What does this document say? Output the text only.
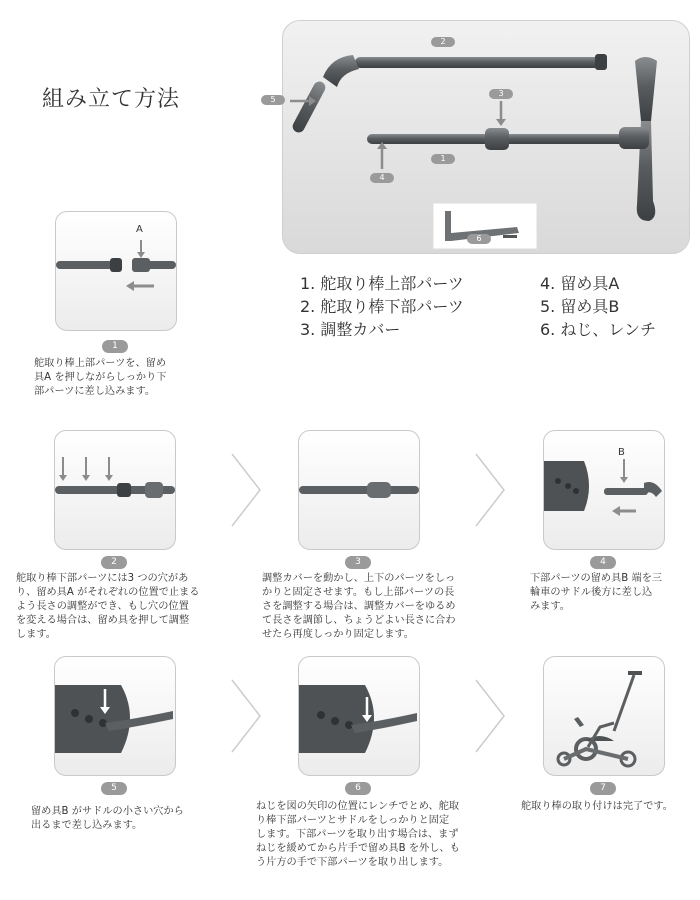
組み立て方法
2
5
3
1
4
6
1. 舵取り棒上部パーツ
2. 舵取り棒下部パーツ
3. 調整カバー
4. 留め具A
5. 留め具B
6. ねじ、レンチ
A
1
舵取り棒上部パーツを、留め
具A を押しながらしっかり下
部パーツに差し込みます。
2
舵取り棒下部パーツには3 つの穴があ
り、留め具A がそれぞれの位置で止まる
よう長さの調整ができ、もし穴の位置
を変える場合は、留め具を押して調整
します。
3
調整カバーを動かし、上下のパーツをしっ
かりと固定させます。もし上部パーツの長
さを調整する場合は、調整カバーをゆるめ
て長さを調節し、ちょうどよい長さに合わ
せたら再度しっかり固定します。
B
4
下部パーツの留め具B 端を三
輪車のサドル後方に差し込
みます。
5
留め具B がサドルの小さい穴から
出るまで差し込みます。
6
ねじを図の矢印の位置にレンチでとめ、舵取
り棒下部パーツとサドルをしっかりと固定
します。下部パーツを取り出す場合は、まず
ねじを緩めてから片手で留め具B を外し、も
う片方の手で下部パーツを取り出します。
7
舵取り棒の取り付けは完了です。
